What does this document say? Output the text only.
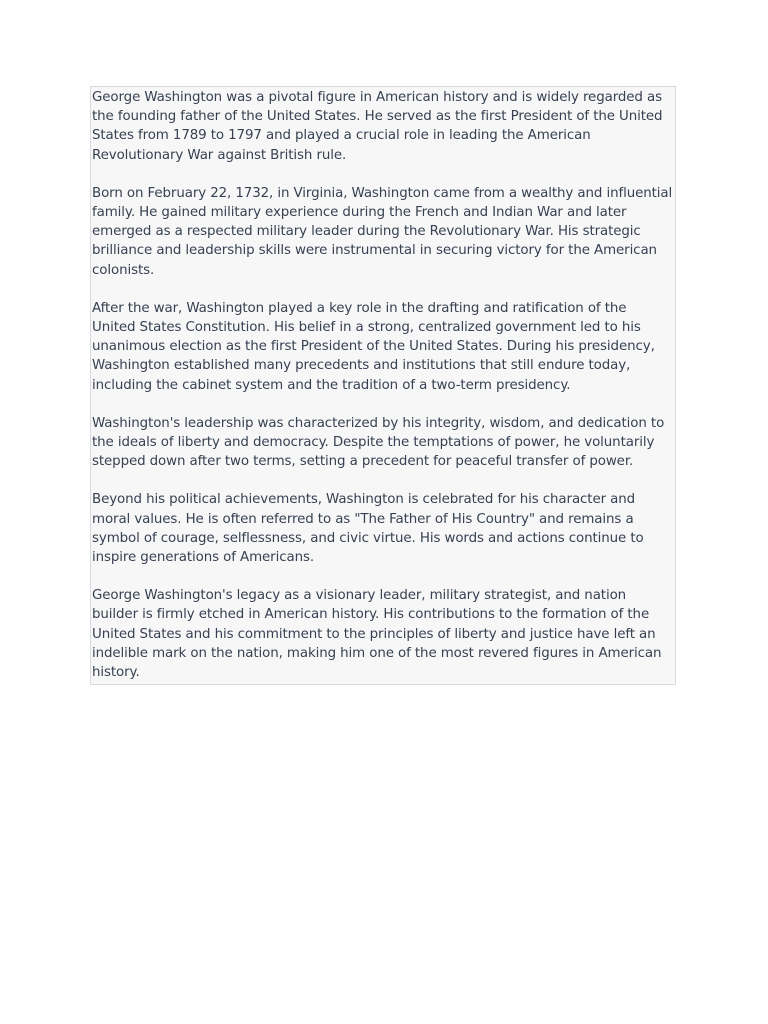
George Washington was a pivotal figure in American history and is widely regarded as the founding father of the United States. He served as the first President of the United States from 1789 to 1797 and played a crucial role in leading the American Revolutionary War against British rule.

Born on February 22, 1732, in Virginia, Washington came from a wealthy and influential family. He gained military experience during the French and Indian War and later emerged as a respected military leader during the Revolutionary War. His strategic brilliance and leadership skills were instrumental in securing victory for the American colonists.

After the war, Washington played a key role in the drafting and ratification of the United States Constitution. His belief in a strong, centralized government led to his unanimous election as the first President of the United States. During his presidency, Washington established many precedents and institutions that still endure today, including the cabinet system and the tradition of a two-term presidency.

Washington's leadership was characterized by his integrity, wisdom, and dedication to the ideals of liberty and democracy. Despite the temptations of power, he voluntarily stepped down after two terms, setting a precedent for peaceful transfer of power.

Beyond his political achievements, Washington is celebrated for his character and moral values. He is often referred to as "The Father of His Country" and remains a symbol of courage, selflessness, and civic virtue. His words and actions continue to inspire generations of Americans.

George Washington's legacy as a visionary leader, military strategist, and nation builder is firmly etched in American history. His contributions to the formation of the United States and his commitment to the principles of liberty and justice have left an indelible mark on the nation, making him one of the most revered figures in American history.
